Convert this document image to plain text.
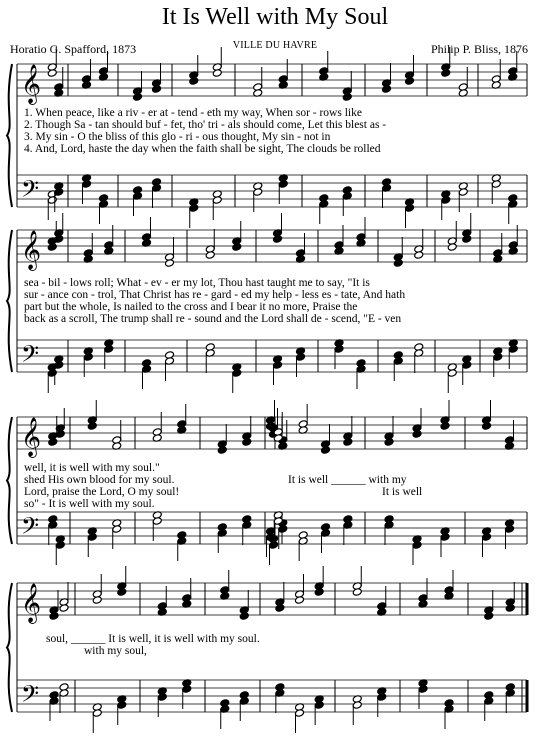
It Is Well with My Soul
VILLE DU HAVRE
Horatio G. Spafford, 1873	Philip P. Bliss, 1876
𝄞
𝄢
𝄞
𝄢
𝄞
𝄢
𝄞
𝄢
1. When peace, like a riv - er at - tend - eth my way, When sor - rows like
2. Though Sa - tan should buf - fet, tho' tri - als should come, Let this blest as -
3. My sin - O the bliss of this glo - ri - ous thought, My sin - not in
4. And, Lord, haste the day when the faith shall be sight, The clouds be rolled
sea - bil - lows roll; What - ev - er my lot, Thou hast taught me to say, "It is
sur - ance con - trol, That Christ has re - gard - ed my help - less es - tate, And hath
part but the whole, Is nailed to the cross and I bear it no more, Praise the
back as a scroll, The trump shall re - sound and the Lord shall de - scend, "E - ven
well, it is well with my soul."
shed His own blood for my soul.
Lord, praise the Lord, O my soul!
so" - It is well with my soul.
soul, ______ It is well, it is well with my soul.
with my soul,
It is well ______ with my
It is well
